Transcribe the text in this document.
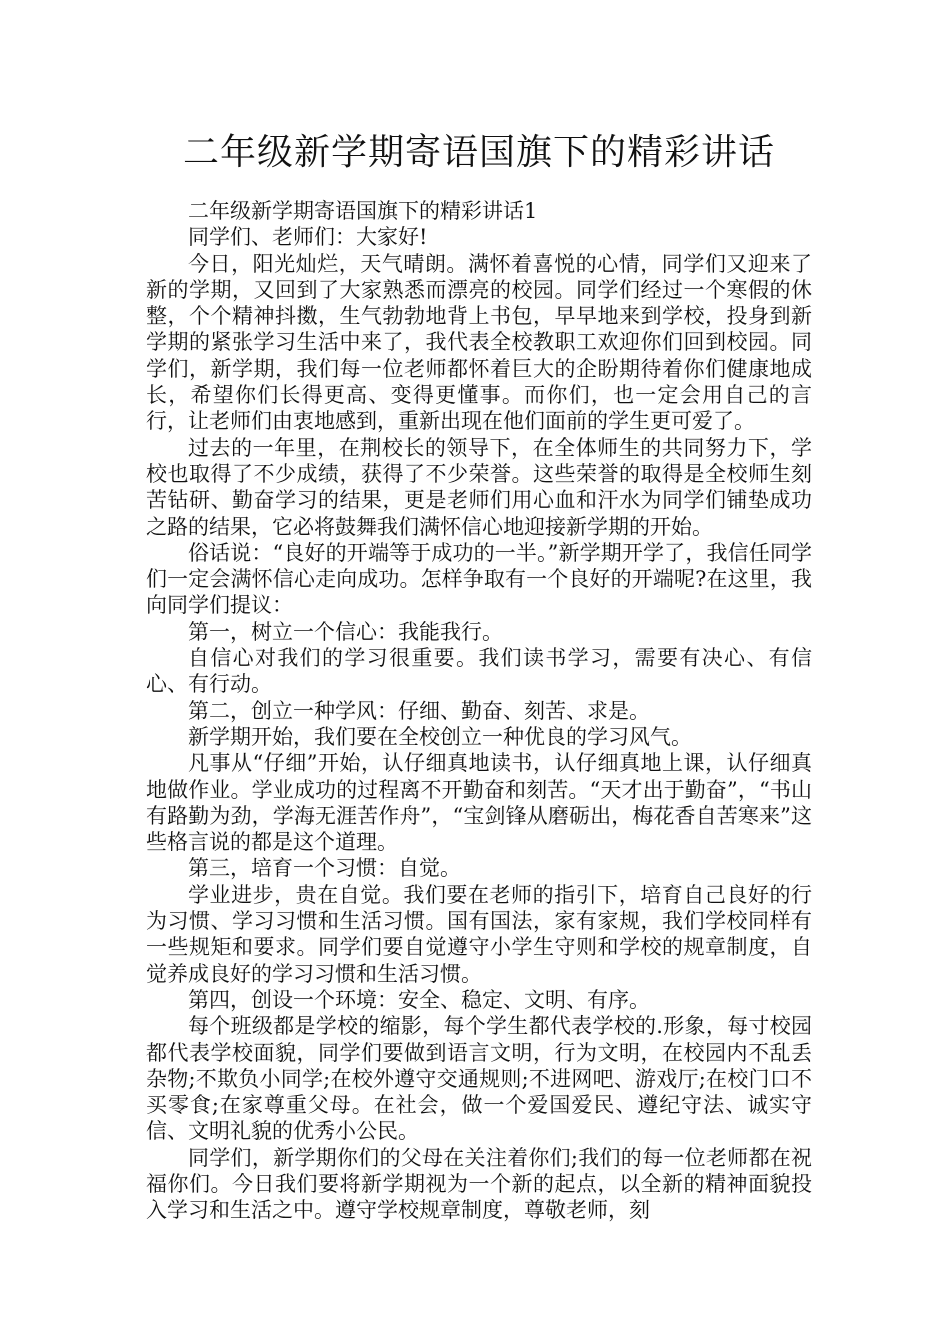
二年级新学期寄语国旗下的精彩讲话

二年级新学期寄语国旗下的精彩讲话1

同学们、老师们：大家好!

今日，阳光灿烂，天气晴朗。满怀着喜悦的心情，同学们又迎来了新的学期，又回到了大家熟悉而漂亮的校园。同学们经过一个寒假的休整，个个精神抖擞，生气勃勃地背上书包，早早地来到学校，投身到新学期的紧张学习生活中来了，我代表全校教职工欢迎你们回到校园。同学们，新学期，我们每一位老师都怀着巨大的企盼期待着你们健康地成长，希望你们长得更高、变得更懂事。而你们，也一定会用自己的言行，让老师们由衷地感到，重新出现在他们面前的学生更可爱了。

过去的一年里，在荆校长的领导下，在全体师生的共同努力下，学校也取得了不少成绩，获得了不少荣誉。这些荣誉的取得是全校师生刻苦钻研、勤奋学习的结果，更是老师们用心血和汗水为同学们铺垫成功之路的结果，它必将鼓舞我们满怀信心地迎接新学期的开始。

俗话说：“良好的开端等于成功的一半。”新学期开学了，我信任同学们一定会满怀信心走向成功。怎样争取有一个良好的开端呢?在这里，我向同学们提议：

第一，树立一个信心：我能我行。

自信心对我们的学习很重要。我们读书学习，需要有决心、有信心、有行动。

第二，创立一种学风：仔细、勤奋、刻苦、求是。

新学期开始，我们要在全校创立一种优良的学习风气。

凡事从“仔细”开始，认仔细真地读书，认仔细真地上课，认仔细真地做作业。学业成功的过程离不开勤奋和刻苦。“天才出于勤奋”，“书山有路勤为劲，学海无涯苦作舟”，“宝剑锋从磨砺出，梅花香自苦寒来”这些格言说的都是这个道理。

第三，培育一个习惯：自觉。

学业进步，贵在自觉。我们要在老师的指引下，培育自己良好的行为习惯、学习习惯和生活习惯。国有国法，家有家规，我们学校同样有一些规矩和要求。同学们要自觉遵守小学生守则和学校的规章制度，自觉养成良好的学习习惯和生活习惯。

第四，创设一个环境：安全、稳定、文明、有序。

每个班级都是学校的缩影，每个学生都代表学校的.形象，每寸校园都代表学校面貌，同学们要做到语言文明，行为文明，在校园内不乱丢杂物;不欺负小同学;在校外遵守交通规则;不进网吧、游戏厅;在校门口不买零食;在家尊重父母。在社会，做一个爱国爱民、遵纪守法、诚实守信、文明礼貌的优秀小公民。

同学们，新学期你们的父母在关注着你们;我们的每一位老师都在祝福你们。今日我们要将新学期视为一个新的起点，以全新的精神面貌投入学习和生活之中。遵守学校规章制度，尊敬老师，刻
